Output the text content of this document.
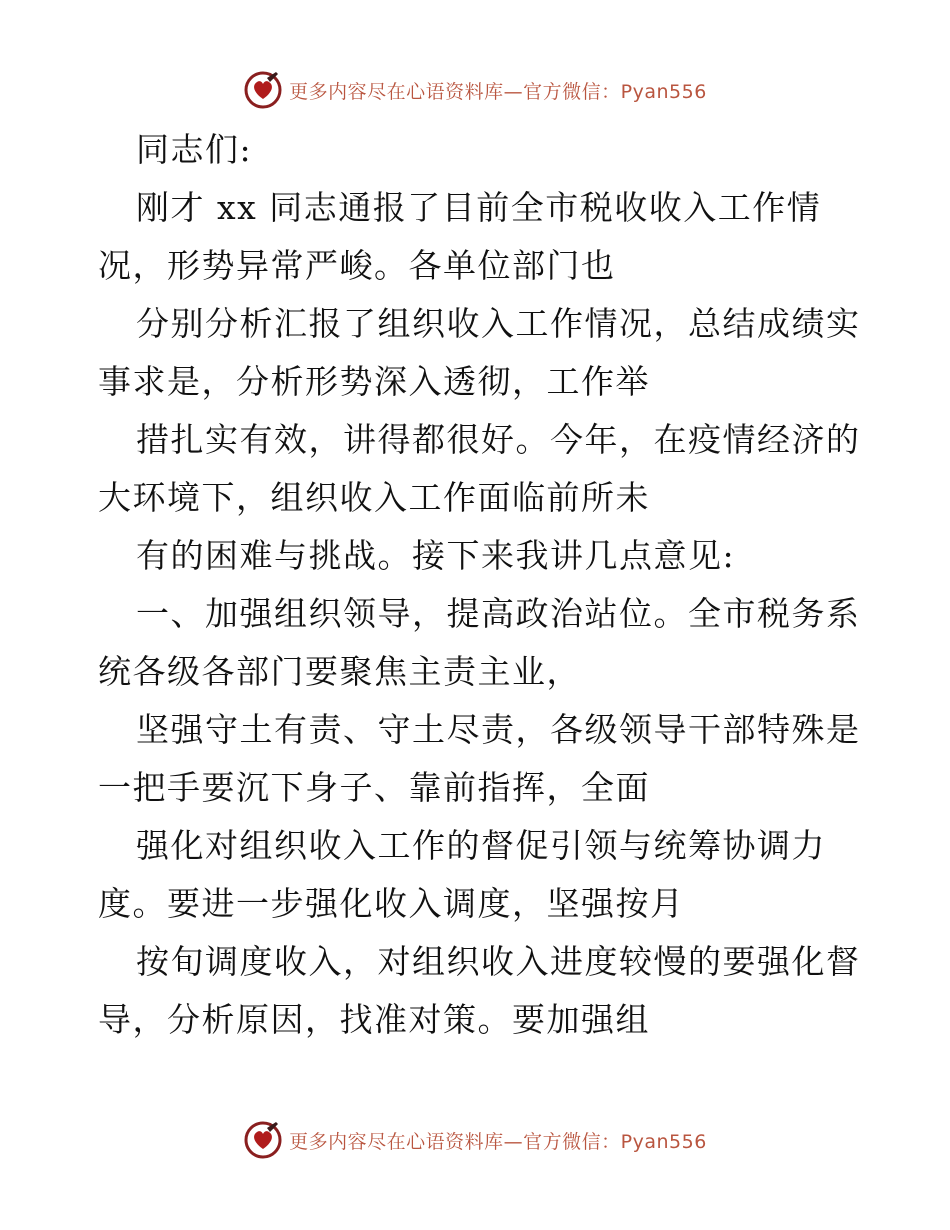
更多内容尽在心语资料库—官方微信：Pyan556
同志们:
刚才 xx 同志通报了目前全市税收收入工作情
况，形势异常严峻。各单位部门也
分别分析汇报了组织收入工作情况，总结成绩实
事求是，分析形势深入透彻，工作举
措扎实有效，讲得都很好。今年，在疫情经济的
大环境下，组织收入工作面临前所未
有的困难与挑战。接下来我讲几点意见:
一、加强组织领导，提高政治站位。全市税务系
统各级各部门要聚焦主责主业，
坚强守土有责、守土尽责，各级领导干部特殊是
一把手要沉下身子、靠前指挥，全面
强化对组织收入工作的督促引领与统筹协调力
度。要进一步强化收入调度，坚强按月
按旬调度收入，对组织收入进度较慢的要强化督
导，分析原因，找准对策。要加强组
更多内容尽在心语资料库—官方微信：Pyan556
